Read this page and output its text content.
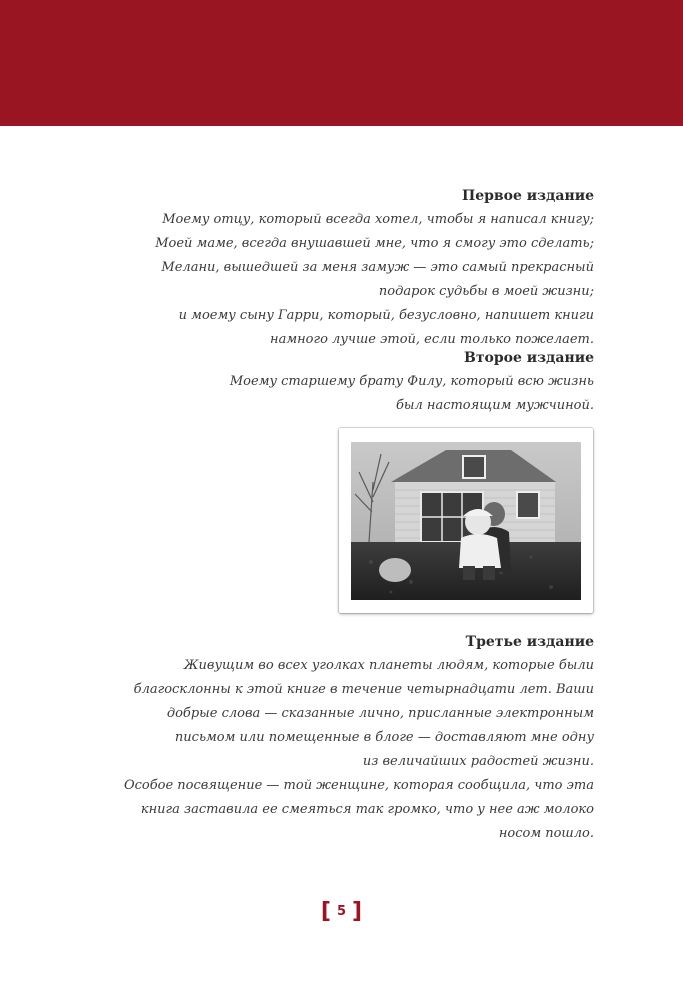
Первое издание
Моему отцу, который всегда хотел, чтобы я написал книгу;
Моей маме, всегда внушавшей мне, что я смогу это сделать;
Мелани, вышедшей за меня замуж — это самый прекрасный
подарок судьбы в моей жизни;
и моему сыну Гарри, который, безусловно, напишет книги
намного лучше этой, если только пожелает.
Второе издание
Моему старшему брату Филу, который всю жизнь
был настоящим мужчиной.
Третье издание
Живущим во всех уголках планеты людям, которые были
благосклонны к этой книге в течение четырнадцати лет. Ваши
добрые слова — сказанные лично, присланные электронным
письмом или помещенные в блоге — доставляют мне одну
из величайших радостей жизни.
Особое посвящение — той женщине, которая сообщила, что эта
книга заставила ее смеяться так громко, что у нее аж молоко
носом пошло.
[ 5 ]
